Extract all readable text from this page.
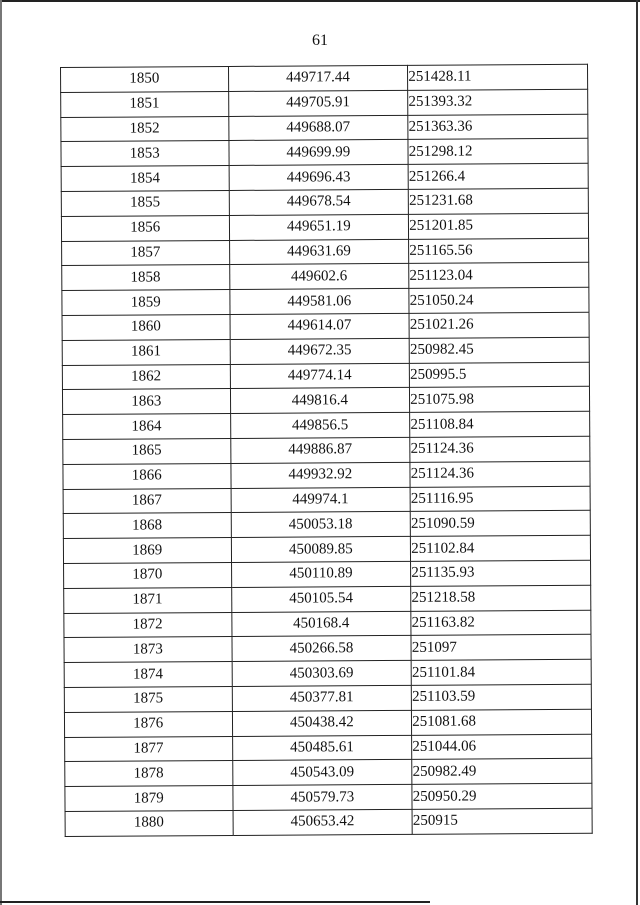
61
1850	449717.44	251428.11
1851	449705.91	251393.32
1852	449688.07	251363.36
1853	449699.99	251298.12
1854	449696.43	251266.4
1855	449678.54	251231.68
1856	449651.19	251201.85
1857	449631.69	251165.56
1858	449602.6	251123.04
1859	449581.06	251050.24
1860	449614.07	251021.26
1861	449672.35	250982.45
1862	449774.14	250995.5
1863	449816.4	251075.98
1864	449856.5	251108.84
1865	449886.87	251124.36
1866	449932.92	251124.36
1867	449974.1	251116.95
1868	450053.18	251090.59
1869	450089.85	251102.84
1870	450110.89	251135.93
1871	450105.54	251218.58
1872	450168.4	251163.82
1873	450266.58	251097
1874	450303.69	251101.84
1875	450377.81	251103.59
1876	450438.42	251081.68
1877	450485.61	251044.06
1878	450543.09	250982.49
1879	450579.73	250950.29
1880	450653.42	250915
